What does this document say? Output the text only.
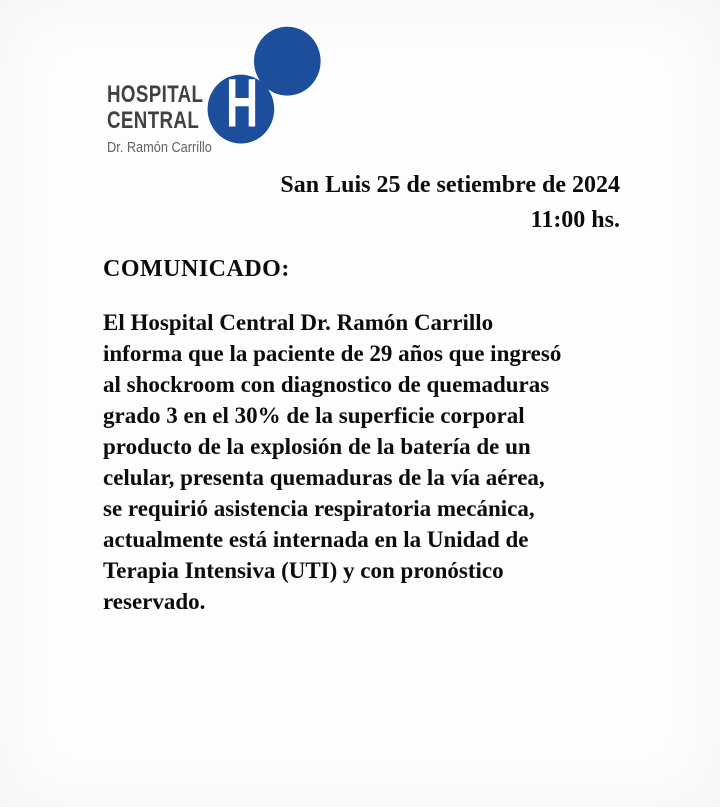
HOSPITAL
CENTRAL
Dr. Ramón Carrillo
H
San Luis 25 de setiembre de 2024
11:00 hs.
COMUNICADO:
El Hospital Central Dr. Ramón Carrillo
informa que la paciente de 29 años que ingresó
al shockroom con diagnostico de quemaduras
grado 3 en el 30% de la superficie corporal
producto de la explosión de la batería de un
celular, presenta quemaduras de la vía aérea,
se requirió asistencia respiratoria mecánica,
actualmente está internada en la Unidad de
Terapia Intensiva (UTI) y con pronóstico
reservado.
